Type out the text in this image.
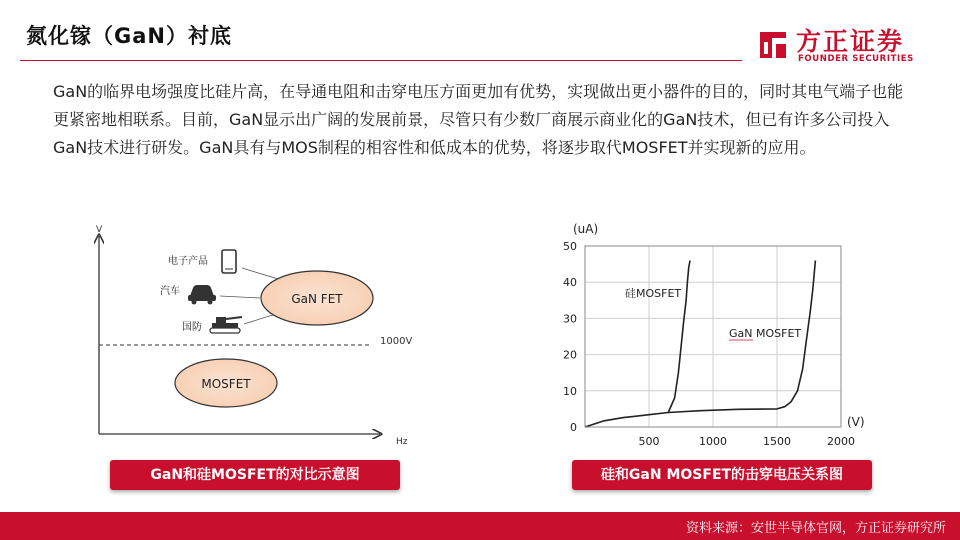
氮化镓（GaN）衬底	方正证券
FOUNDER SECURITIES
GaN的临界电场强度比硅片高，在导通电阻和击穿电压方面更加有优势，实现做出更小器件的目的，同时其电气端子也能更紧密地相联系。目前，GaN显示出广阔的发展前景，尽管只有少数厂商展示商业化的GaN技术，但已有许多公司投入GaN技术进行研发。GaN具有与MOS制程的相容性和低成本的优势，将逐步取代MOSFET并实现新的应用。
V
Hz
1000V
电子产品
汽车
国防
GaN FET
MOSFET
GaN和硅MOSFET的对比示意图
0
10
20
30
40
50
500	1000	1500	2000
(uA)
(V)
硅MOSFET
GaN MOSFET
硅和GaN MOSFET的击穿电压关系图
资料来源：安世半导体官网，方正证券研究所
